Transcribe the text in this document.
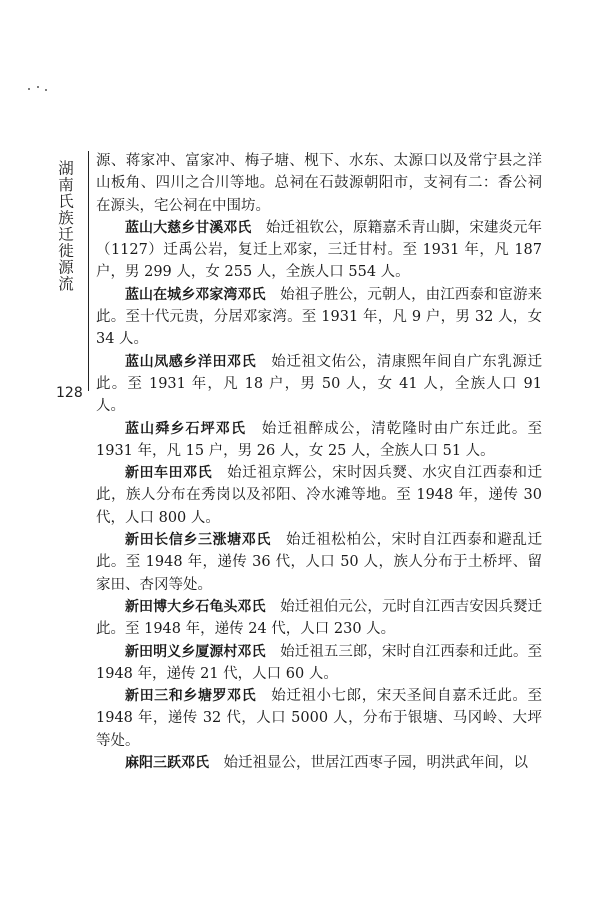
湖南氏族迁徙源流
128

源、蒋家冲、富家冲、梅子塘、枧下、水东、太源口以及常宁县之洋山板角、四川之合川等地。总祠在石鼓源朝阳市，支祠有二：香公祠在源头，宅公祠在中围坊。

蓝山大慈乡甘溪邓氏  始迁祖钦公，原籍嘉禾青山脚，宋建炎元年（1127）迁禹公岩，复迁上邓家，三迁甘村。至 1931 年，凡 187 户，男 299 人，女 255 人，全族人口 554 人。

蓝山在城乡邓家湾邓氏  始祖子胜公，元朝人，由江西泰和宦游来此。至十代元贵，分居邓家湾。至 1931 年，凡 9 户，男 32 人，女 34 人。

蓝山凤感乡洋田邓氏  始迁祖文佑公，清康熙年间自广东乳源迁此。至 1931 年，凡 18 户，男 50 人，女 41 人，全族人口 91 人。

蓝山舜乡石坪邓氏  始迁祖醉成公，清乾隆时由广东迁此。至 1931 年，凡 15 户，男 26 人，女 25 人，全族人口 51 人。

新田车田邓氏  始迁祖京辉公，宋时因兵燹、水灾自江西泰和迁此，族人分布在秀岗以及祁阳、冷水滩等地。至 1948 年，递传 30 代，人口 800 人。

新田长信乡三涨塘邓氏  始迁祖松柏公，宋时自江西泰和避乱迁此。至 1948 年，递传 36 代，人口 50 人，族人分布于土桥坪、留家田、杏冈等处。

新田博大乡石龟头邓氏  始迁祖伯元公，元时自江西吉安因兵燹迁此。至 1948 年，递传 24 代，人口 230 人。

新田明义乡厦源村邓氏  始迁祖五三郎，宋时自江西泰和迁此。至 1948 年，递传 21 代，人口 60 人。

新田三和乡塘罗邓氏  始迁祖小七郎，宋天圣间自嘉禾迁此。至 1948 年，递传 32 代，人口 5000 人，分布于银塘、马冈岭、大坪等处。

麻阳三跃邓氏  始迁祖显公，世居江西枣子园，明洪武年间，以
